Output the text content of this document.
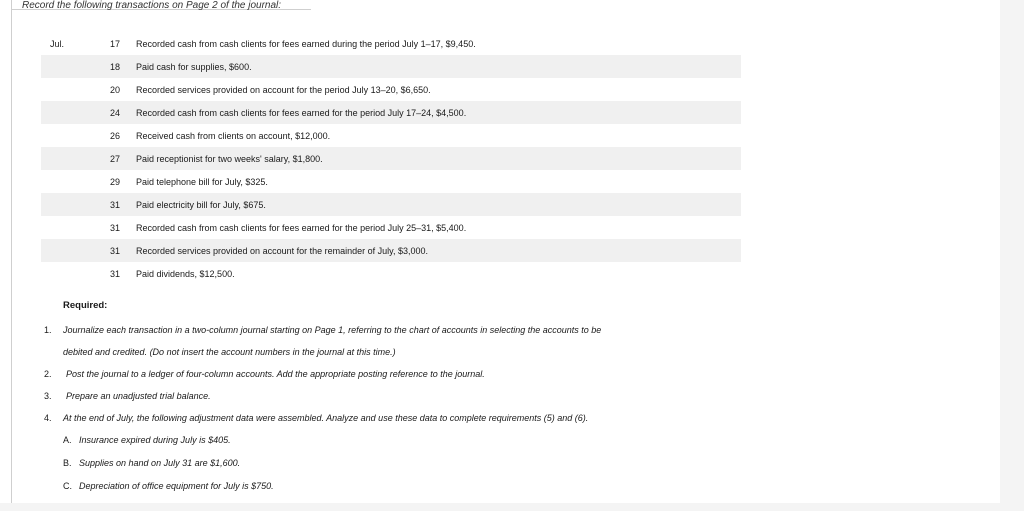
Record the following transactions on Page 2 of the journal:
Jul.	17	Recorded cash from cash clients for fees earned during the period July 1–17, $9,450.
	18	Paid cash for supplies, $600.
	20	Recorded services provided on account for the period July 13–20, $6,650.
	24	Recorded cash from cash clients for fees earned for the period July 17–24, $4,500.
	26	Received cash from clients on account, $12,000.
	27	Paid receptionist for two weeks' salary, $1,800.
	29	Paid telephone bill for July, $325.
	31	Paid electricity bill for July, $675.
	31	Recorded cash from cash clients for fees earned for the period July 25–31, $5,400.
	31	Recorded services provided on account for the remainder of July, $3,000.
	31	Paid dividends, $12,500.
Required:
1. Journalize each transaction in a two-column journal starting on Page 1, referring to the chart of accounts in selecting the accounts to be
debited and credited. (Do not insert the account numbers in the journal at this time.)
2. Post the journal to a ledger of four-column accounts. Add the appropriate posting reference to the journal.
3. Prepare an unadjusted trial balance.
4. At the end of July, the following adjustment data were assembled. Analyze and use these data to complete requirements (5) and (6).
A. Insurance expired during July is $405.
B. Supplies on hand on July 31 are $1,600.
C. Depreciation of office equipment for July is $750.
